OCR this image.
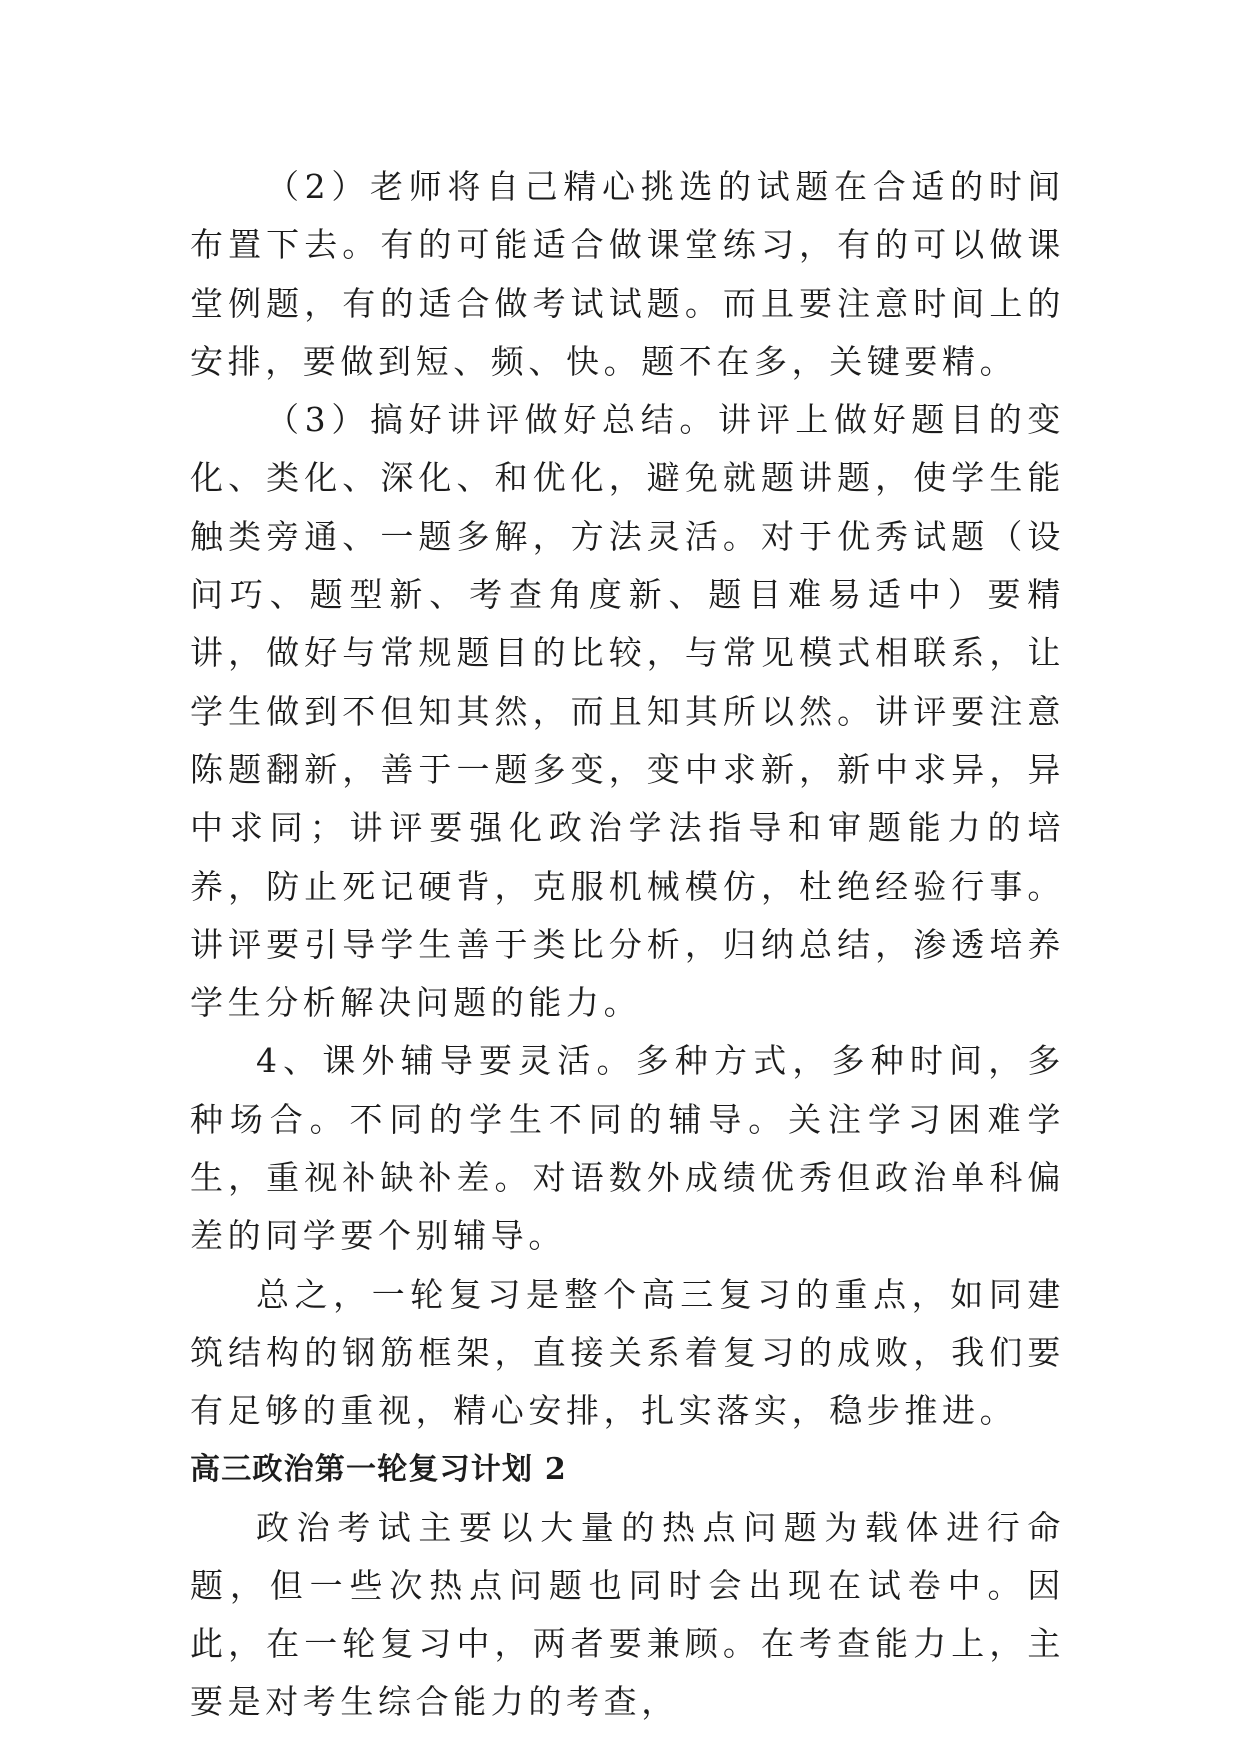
（2）老师将自己精心挑选的试题在合适的时间布置下去。有的可能适合做课堂练习，有的可以做课堂例题，有的适合做考试试题。而且要注意时间上的安排，要做到短、频、快。题不在多，关键要精。

（3）搞好讲评做好总结。讲评上做好题目的变化、类化、深化、和优化，避免就题讲题，使学生能触类旁通、一题多解，方法灵活。对于优秀试题（设问巧、题型新、考查角度新、题目难易适中）要精讲，做好与常规题目的比较，与常见模式相联系，让学生做到不但知其然，而且知其所以然。讲评要注意陈题翻新，善于一题多变，变中求新，新中求异，异中求同；讲评要强化政治学法指导和审题能力的培养，防止死记硬背，克服机械模仿，杜绝经验行事。讲评要引导学生善于类比分析，归纳总结，渗透培养学生分析解决问题的能力。

4、课外辅导要灵活。多种方式，多种时间，多种场合。不同的学生不同的辅导。关注学习困难学生，重视补缺补差。对语数外成绩优秀但政治单科偏差的同学要个别辅导。

总之，一轮复习是整个高三复习的重点，如同建筑结构的钢筋框架，直接关系着复习的成败，我们要有足够的重视，精心安排，扎实落实，稳步推进。

高三政治第一轮复习计划 2

政治考试主要以大量的热点问题为载体进行命题，但一些次热点问题也同时会出现在试卷中。因此，在一轮复习中，两者要兼顾。在考查能力上，主要是对考生综合能力的考查，
